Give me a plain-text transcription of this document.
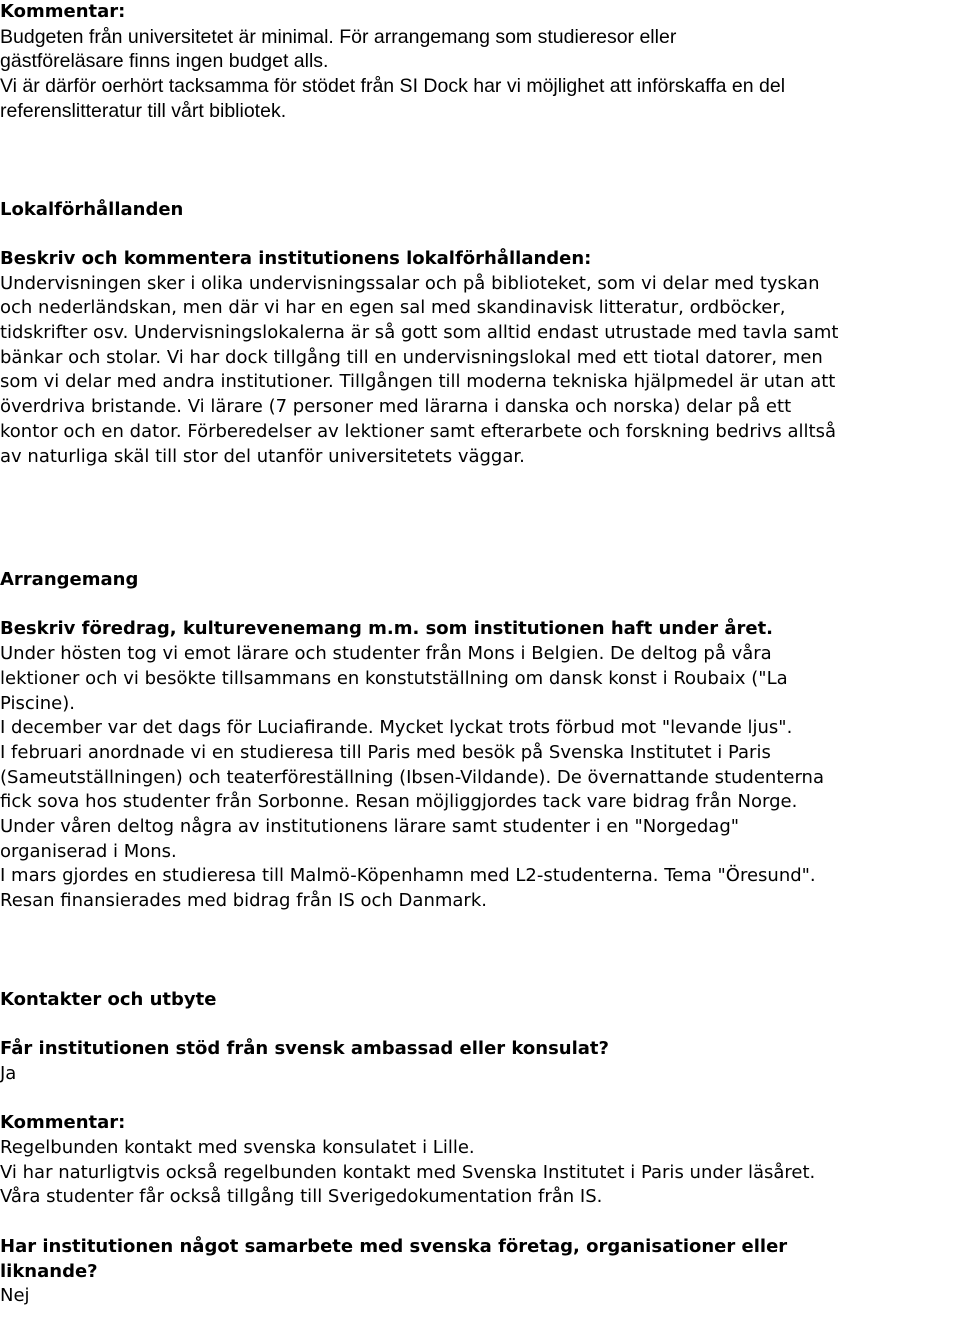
Kommentar:
Budgeten från universitetet är minimal. För arrangemang som studieresor eller
gästföreläsare finns ingen budget alls.
Vi är därför oerhört tacksamma för stödet från SI Dock har vi möjlighet att införskaffa en del
referenslitteratur till vårt bibliotek.
Lokalförhållanden
Beskriv och kommentera institutionens lokalförhållanden:
Undervisningen sker i olika undervisningssalar och på biblioteket, som vi delar med tyskan
och nederländskan, men där vi har en egen sal med skandinavisk litteratur, ordböcker,
tidskrifter osv. Undervisningslokalerna är så gott som alltid endast utrustade med tavla samt
bänkar och stolar. Vi har dock tillgång till en undervisningslokal med ett tiotal datorer, men
som vi delar med andra institutioner. Tillgången till moderna tekniska hjälpmedel är utan att
överdriva bristande. Vi lärare (7 personer med lärarna i danska och norska) delar på ett
kontor och en dator. Förberedelser av lektioner samt efterarbete och forskning bedrivs alltså
av naturliga skäl till stor del utanför universitetets väggar.
Arrangemang
Beskriv föredrag, kulturevenemang m.m. som institutionen haft under året.
Under hösten tog vi emot lärare och studenter från Mons i Belgien. De deltog på våra
lektioner och vi besökte tillsammans en konstutställning om dansk konst i Roubaix ("La
Piscine).
I december var det dags för Luciafirande. Mycket lyckat trots förbud mot "levande ljus".
I februari anordnade vi en studieresa till Paris med besök på Svenska Institutet i Paris
(Sameutställningen) och teaterföreställning (Ibsen-Vildande). De övernattande studenterna
fick sova hos studenter från Sorbonne. Resan möjliggjordes tack vare bidrag från Norge.
Under våren deltog några av institutionens lärare samt studenter i en "Norgedag"
organiserad i Mons.
I mars gjordes en studieresa till Malmö-Köpenhamn med L2-studenterna. Tema "Öresund".
Resan finansierades med bidrag från IS och Danmark.
Kontakter och utbyte
Får institutionen stöd från svensk ambassad eller konsulat?
Ja
Kommentar:
Regelbunden kontakt med svenska konsulatet i Lille.
Vi har naturligtvis också regelbunden kontakt med Svenska Institutet i Paris under läsåret.
Våra studenter får också tillgång till Sverigedokumentation från IS.
Har institutionen något samarbete med svenska företag, organisationer eller
liknande?
Nej
